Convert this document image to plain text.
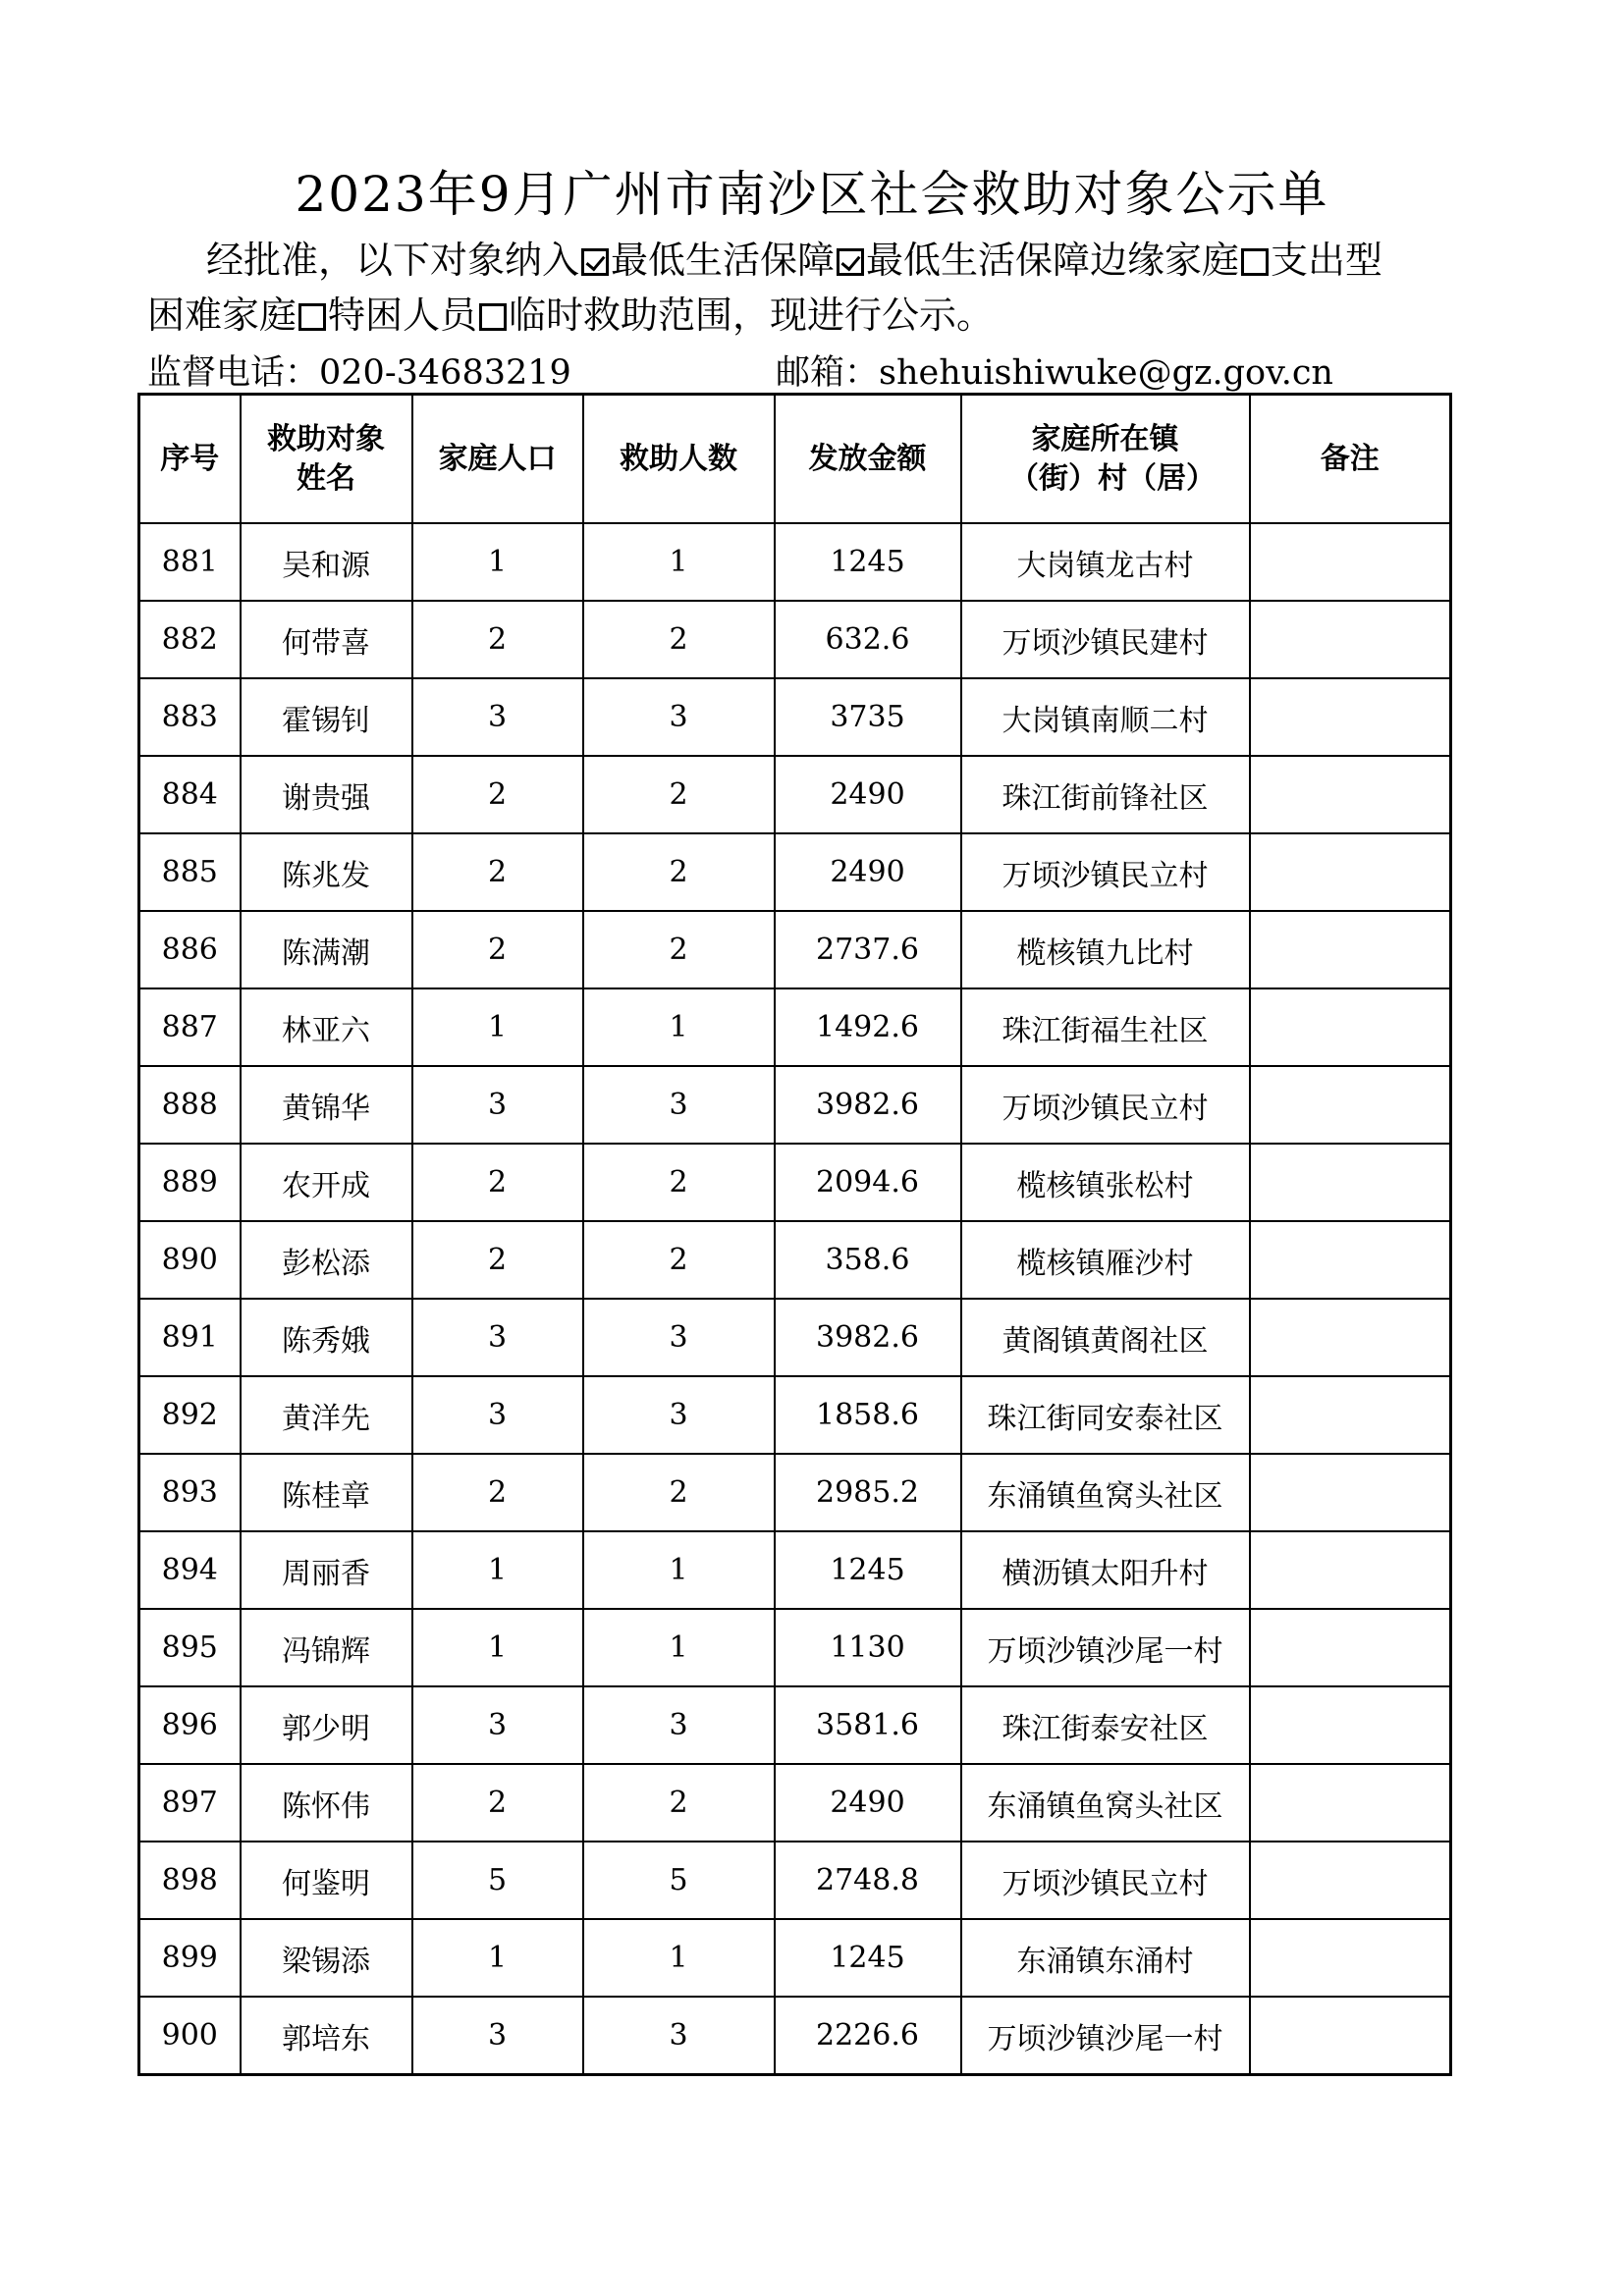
2023年9月广州市南沙区社会救助对象公示单
经批准，以下对象纳入 最低生活保障 最低生活保障边缘家庭 支出型
困难家庭 特困人员 临时救助范围，现进行公示。
监督电话：020-34683219	邮箱：shehuishiwuke@gz.gov.cn
序号	救助对象姓名	家庭人口	救助人数	发放金额	家庭所在镇（街）村（居）	备注
881	吴和源	1	1	1245	大岗镇龙古村	
882	何带喜	2	2	632.6	万顷沙镇民建村	
883	霍锡钊	3	3	3735	大岗镇南顺二村	
884	谢贵强	2	2	2490	珠江街前锋社区	
885	陈兆发	2	2	2490	万顷沙镇民立村	
886	陈满潮	2	2	2737.6	榄核镇九比村	
887	林亚六	1	1	1492.6	珠江街福生社区	
888	黄锦华	3	3	3982.6	万顷沙镇民立村	
889	农开成	2	2	2094.6	榄核镇张松村	
890	彭松添	2	2	358.6	榄核镇雁沙村	
891	陈秀娥	3	3	3982.6	黄阁镇黄阁社区	
892	黄洋先	3	3	1858.6	珠江街同安泰社区	
893	陈桂章	2	2	2985.2	东涌镇鱼窝头社区	
894	周丽香	1	1	1245	横沥镇太阳升村	
895	冯锦辉	1	1	1130	万顷沙镇沙尾一村	
896	郭少明	3	3	3581.6	珠江街泰安社区	
897	陈怀伟	2	2	2490	东涌镇鱼窝头社区	
898	何鉴明	5	5	2748.8	万顷沙镇民立村	
899	梁锡添	1	1	1245	东涌镇东涌村	
900	郭培东	3	3	2226.6	万顷沙镇沙尾一村	
